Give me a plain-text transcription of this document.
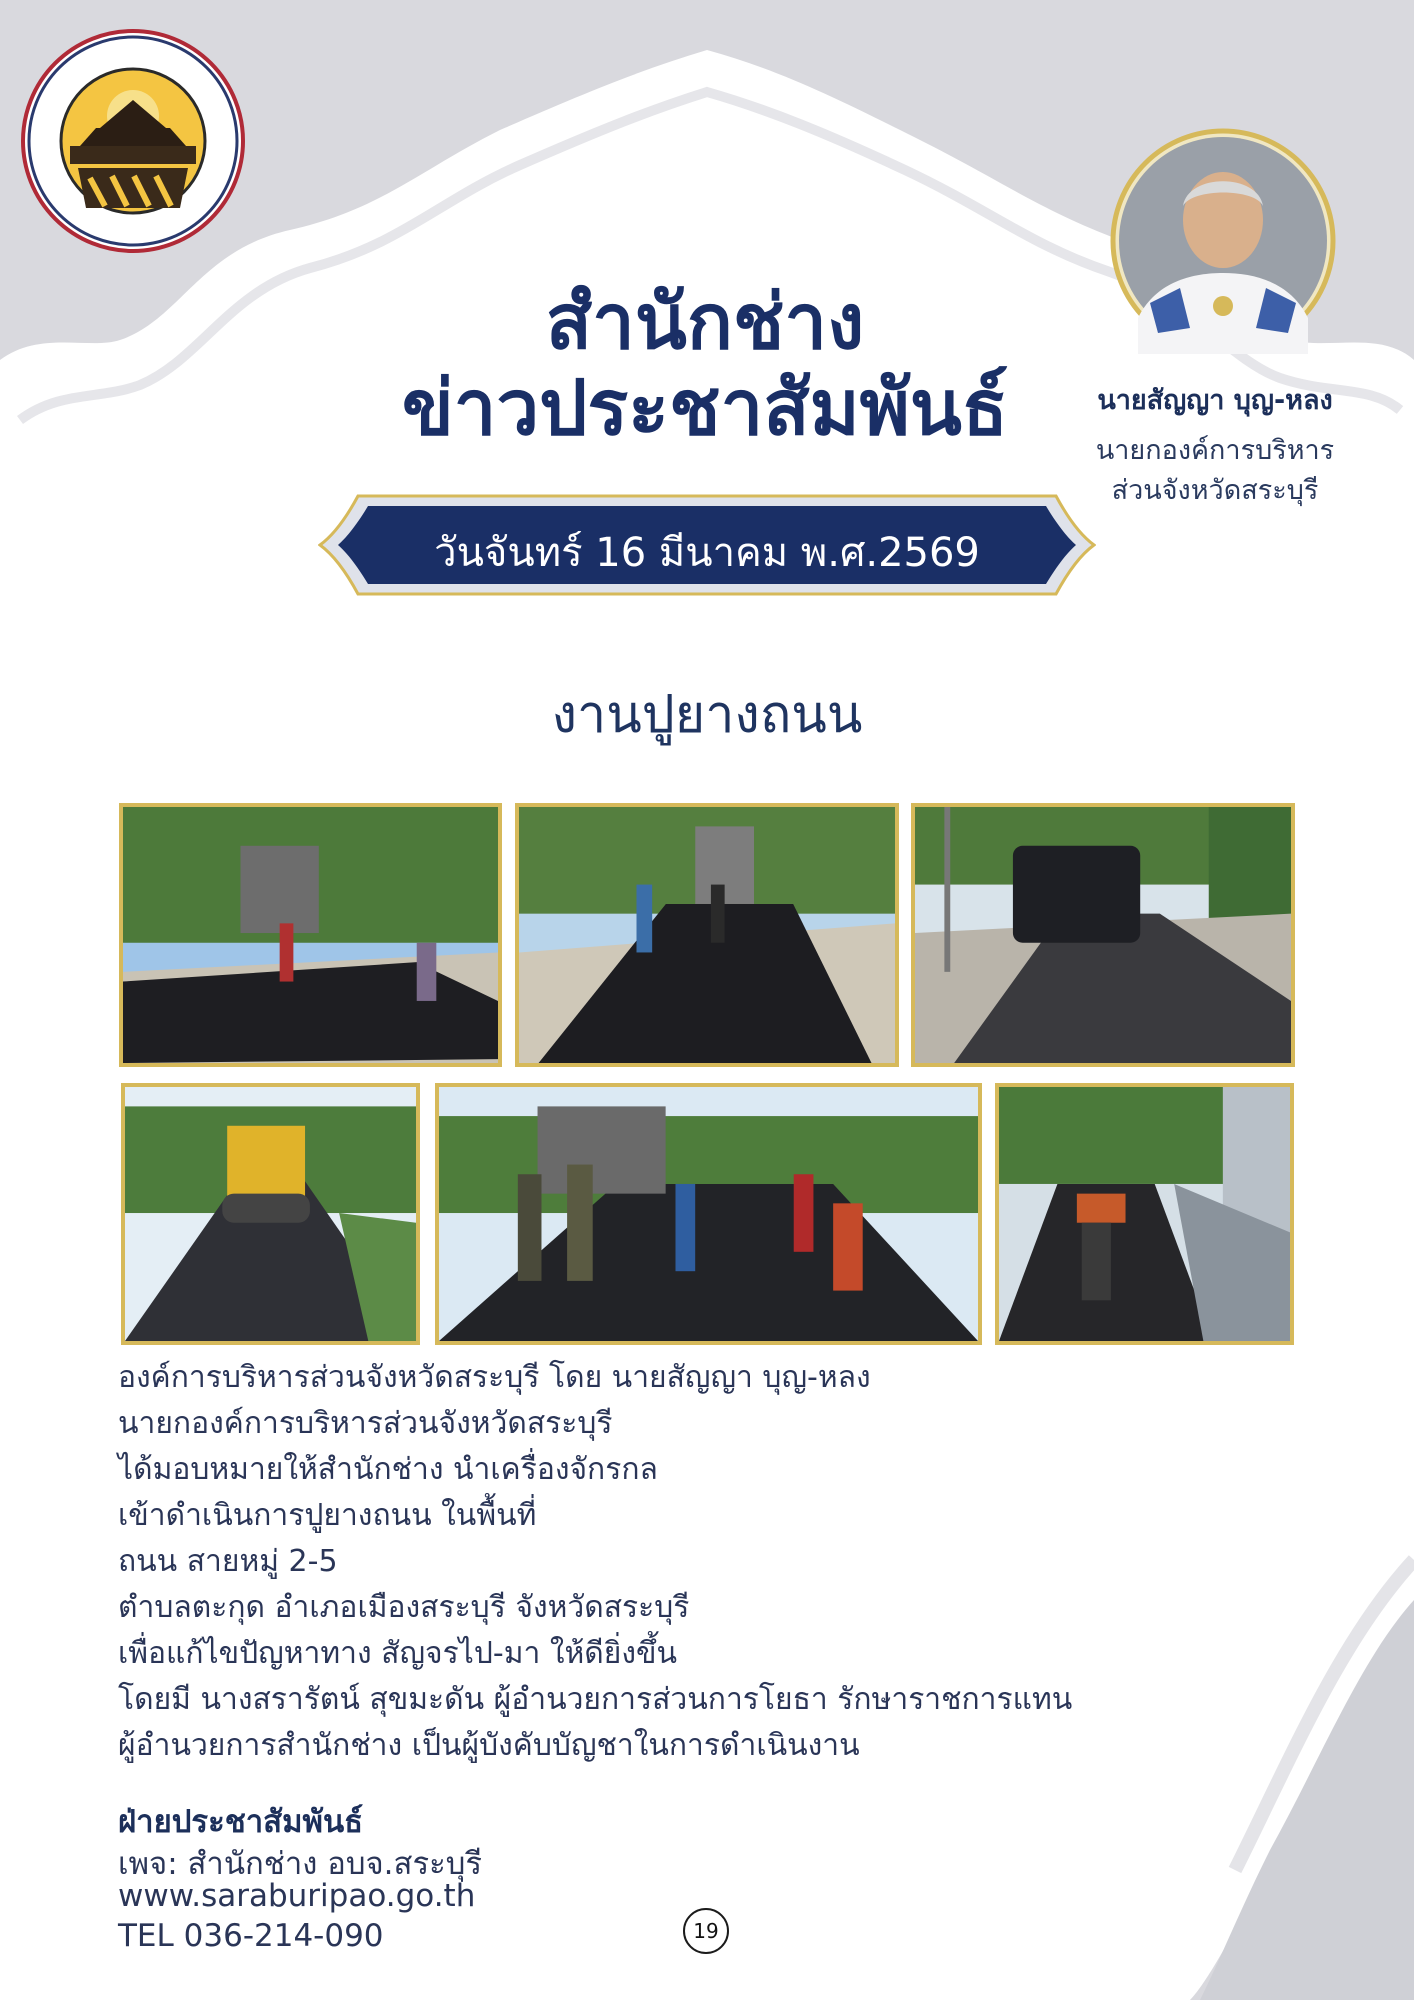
นายสัญญา บุญ-หลง
นายกองค์การบริหาร
ส่วนจังหวัดสระบุรี
สำนักช่าง
ข่าวประชาสัมพันธ์
วันจันทร์ 16 มีนาคม พ.ศ.2569
งานปูยางถนน
องค์การบริหารส่วนจังหวัดสระบุรี โดย นายสัญญา บุญ-หลง
นายกองค์การบริหารส่วนจังหวัดสระบุรี
ได้มอบหมายให้สำนักช่าง นำเครื่องจักรกล
เข้าดำเนินการปูยางถนน ในพื้นที่
ถนน สายหมู่ 2-5
ตำบลตะกุด อำเภอเมืองสระบุรี จังหวัดสระบุรี
เพื่อแก้ไขปัญหาทาง สัญจรไป-มา ให้ดียิ่งขึ้น
โดยมี นางสรารัตน์ สุขมะดัน ผู้อำนวยการส่วนการโยธา รักษาราชการแทน
ผู้อำนวยการสำนักช่าง เป็นผู้บังคับบัญชาในการดำเนินงาน
ฝ่ายประชาสัมพันธ์
เพจ: สำนักช่าง อบจ.สระบุรี
www.saraburipao.go.th
TEL 036-214-090	19
